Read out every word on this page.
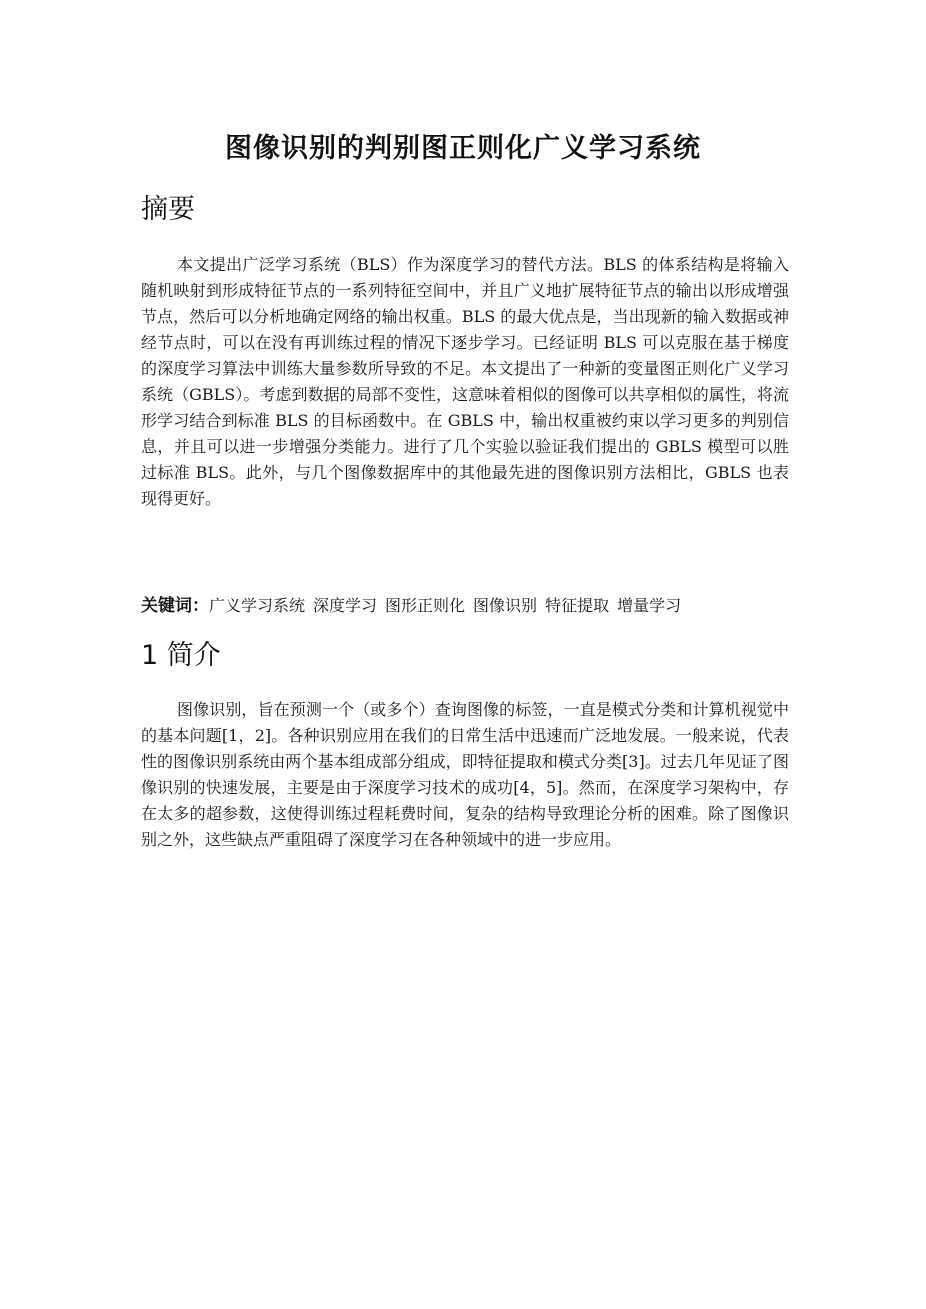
图像识别的判别图正则化广义学习系统
摘要

本文提出广泛学习系统（BLS）作为深度学习的替代方法。BLS 的体系结构是将输入随机映射到形成特征节点的一系列特征空间中，并且广义地扩展特征节点的输出以形成增强节点，然后可以分析地确定网络的输出权重。BLS 的最大优点是，当出现新的输入数据或神经节点时，可以在没有再训练过程的情况下逐步学习。已经证明 BLS 可以克服在基于梯度的深度学习算法中训练大量参数所导致的不足。本文提出了一种新的变量图正则化广义学习系统（GBLS）。考虑到数据的局部不变性，这意味着相似的图像可以共享相似的属性，将流形学习结合到标准 BLS 的目标函数中。在 GBLS 中，输出权重被约束以学习更多的判别信息，并且可以进一步增强分类能力。进行了几个实验以验证我们提出的 GBLS 模型可以胜过标准 BLS。此外，与几个图像数据库中的其他最先进的图像识别方法相比，GBLS 也表现得更好。

关键词：广义学习系统 深度学习 图形正则化 图像识别 特征提取 增量学习
1 简介

图像识别，旨在预测一个（或多个）查询图像的标签，一直是模式分类和计算机视觉中的基本问题[1，2]。各种识别应用在我们的日常生活中迅速而广泛地发展。一般来说，代表性的图像识别系统由两个基本组成部分组成，即特征提取和模式分类[3]。过去几年见证了图像识别的快速发展，主要是由于深度学习技术的成功[4，5]。然而，在深度学习架构中，存在太多的超参数，这使得训练过程耗费时间，复杂的结构导致理论分析的困难。除了图像识别之外，这些缺点严重阻碍了深度学习在各种领域中的进一步应用。
